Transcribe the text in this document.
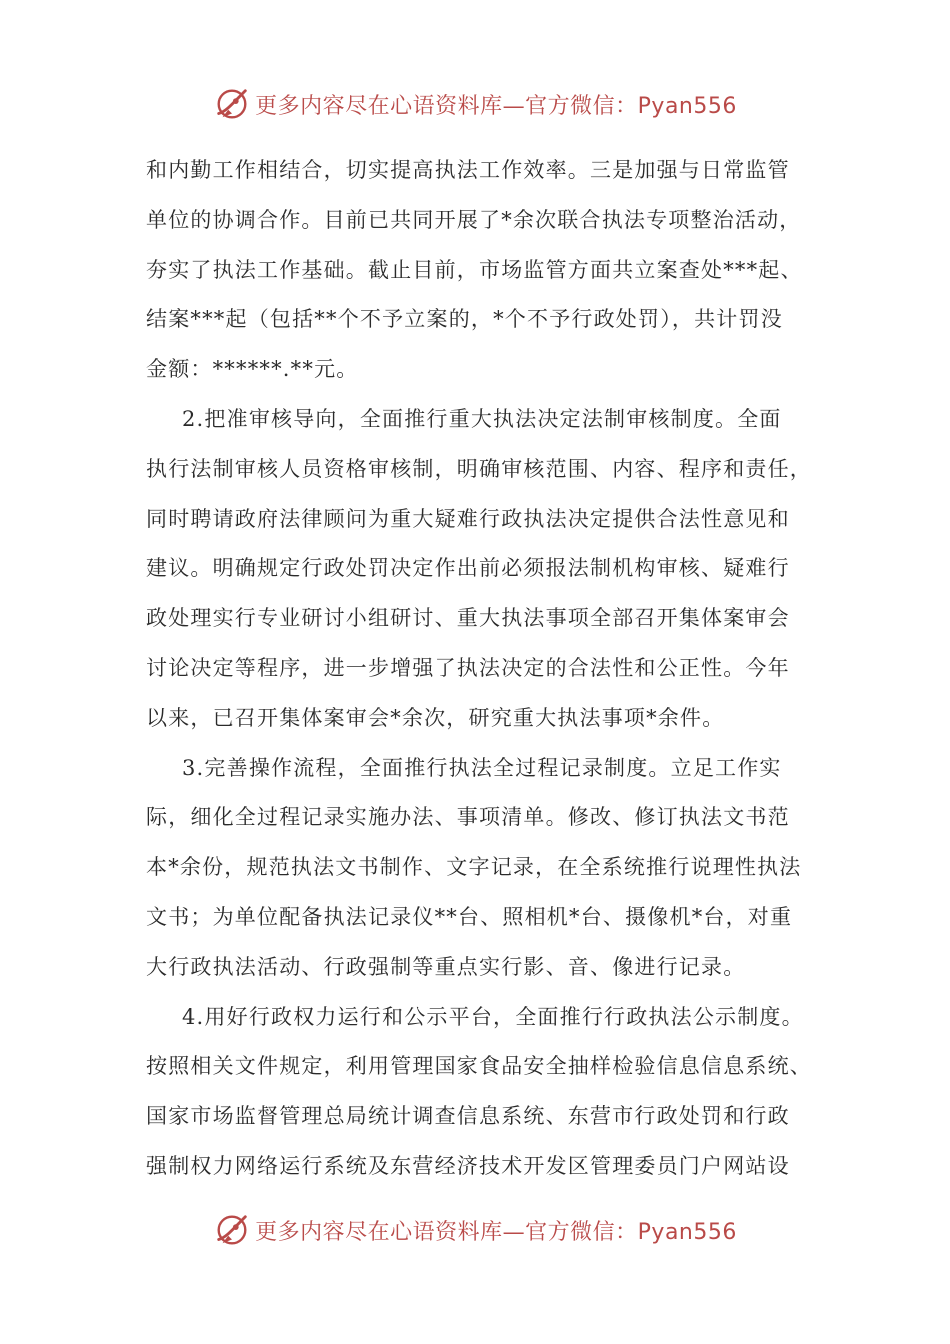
更多内容尽在心语资料库—官方微信：Pyan556
和内勤工作相结合，切实提高执法工作效率。三是加强与日常监管
单位的协调合作。目前已共同开展了*余次联合执法专项整治活动，
夯实了执法工作基础。截止目前，市场监管方面共立案查处***起、
结案***起（包括**个不予立案的，*个不予行政处罚），共计罚没
金额：******.**元。
2.把准审核导向，全面推行重大执法决定法制审核制度。全面
执行法制审核人员资格审核制，明确审核范围、内容、程序和责任，
同时聘请政府法律顾问为重大疑难行政执法决定提供合法性意见和
建议。明确规定行政处罚决定作出前必须报法制机构审核、疑难行
政处理实行专业研讨小组研讨、重大执法事项全部召开集体案审会
讨论决定等程序，进一步增强了执法决定的合法性和公正性。今年
以来，已召开集体案审会*余次，研究重大执法事项*余件。
3.完善操作流程，全面推行执法全过程记录制度。立足工作实
际，细化全过程记录实施办法、事项清单。修改、修订执法文书范
本*余份，规范执法文书制作、文字记录，在全系统推行说理性执法
文书；为单位配备执法记录仪**台、照相机*台、摄像机*台，对重
大行政执法活动、行政强制等重点实行影、音、像进行记录。
4.用好行政权力运行和公示平台，全面推行行政执法公示制度。
按照相关文件规定，利用管理国家食品安全抽样检验信息信息系统、
国家市场监督管理总局统计调查信息系统、东营市行政处罚和行政
强制权力网络运行系统及东营经济技术开发区管理委员门户网站设
更多内容尽在心语资料库—官方微信：Pyan556
